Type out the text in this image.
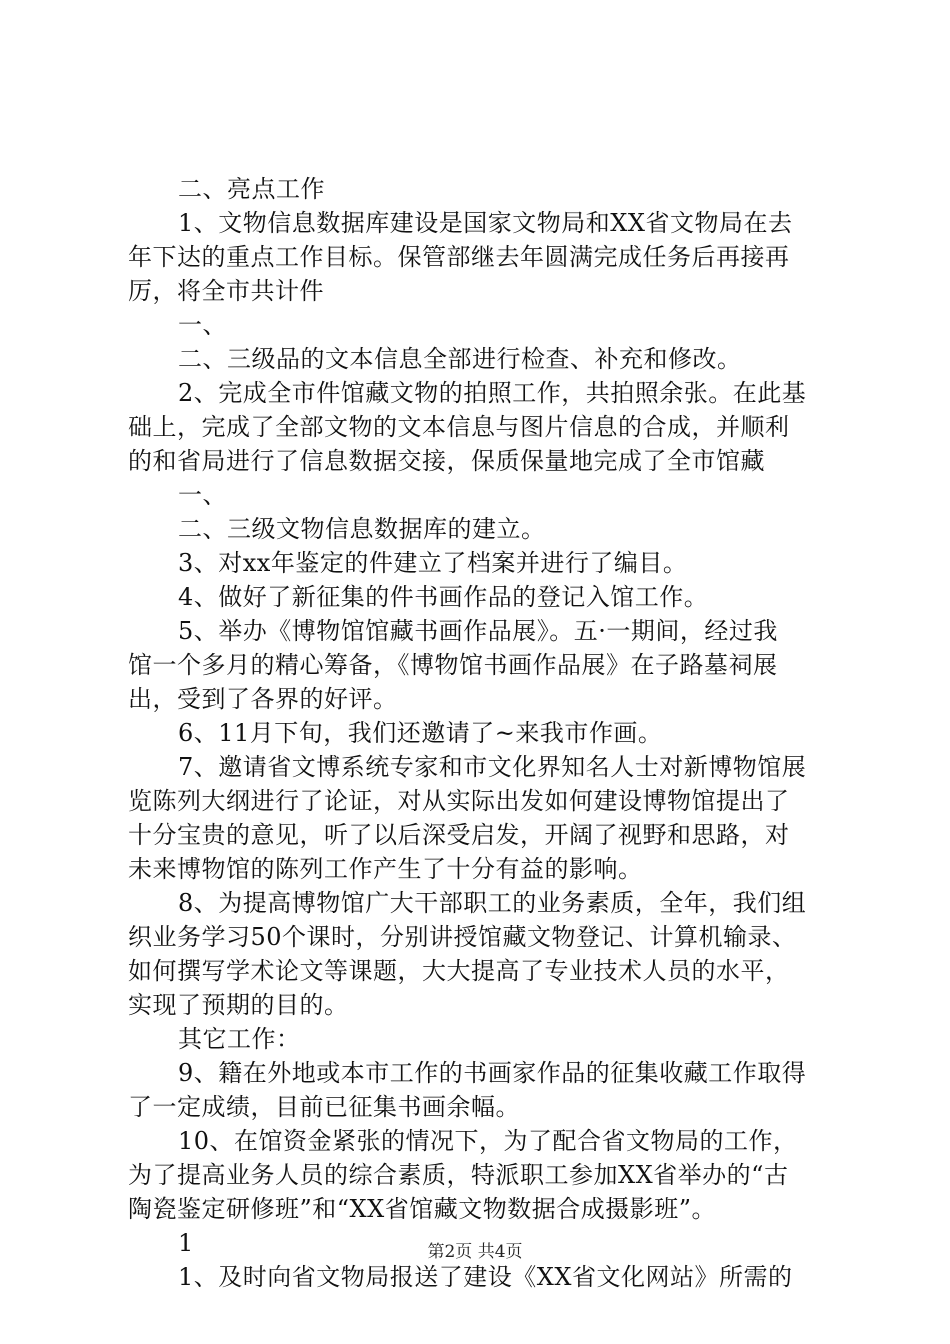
二、亮点工作
1、文物信息数据库建设是国家文物局和XX省文物局在去
年下达的重点工作目标。保管部继去年圆满完成任务后再接再
厉，将全市共计件
一、
二、三级品的文本信息全部进行检查、补充和修改。
2、完成全市件馆藏文物的拍照工作，共拍照余张。在此基
础上，完成了全部文物的文本信息与图片信息的合成，并顺利
的和省局进行了信息数据交接，保质保量地完成了全市馆藏
一、
二、三级文物信息数据库的建立。
3、对xx年鉴定的件建立了档案并进行了编目。
4、做好了新征集的件书画作品的登记入馆工作。
5、举办《博物馆馆藏书画作品展》。五·一期间，经过我
馆一个多月的精心筹备，《博物馆书画作品展》在子路墓祠展
出，受到了各界的好评。
6、11月下旬，我们还邀请了~来我市作画。
7、邀请省文博系统专家和市文化界知名人士对新博物馆展
览陈列大纲进行了论证，对从实际出发如何建设博物馆提出了
十分宝贵的意见，听了以后深受启发，开阔了视野和思路，对
未来博物馆的陈列工作产生了十分有益的影响。
8、为提高博物馆广大干部职工的业务素质，全年，我们组
织业务学习50个课时，分别讲授馆藏文物登记、计算机输录、
如何撰写学术论文等课题，大大提高了专业技术人员的水平，
实现了预期的目的。
其它工作：
9、籍在外地或本市工作的书画家作品的征集收藏工作取得
了一定成绩，目前已征集书画余幅。
10、在馆资金紧张的情况下，为了配合省文物局的工作，
为了提高业务人员的综合素质，特派职工参加XX省举办的“古
陶瓷鉴定研修班”和“XX省馆藏文物数据合成摄影班”。
1
1、及时向省文物局报送了建设《XX省文化网站》所需的
第2页 共4页
